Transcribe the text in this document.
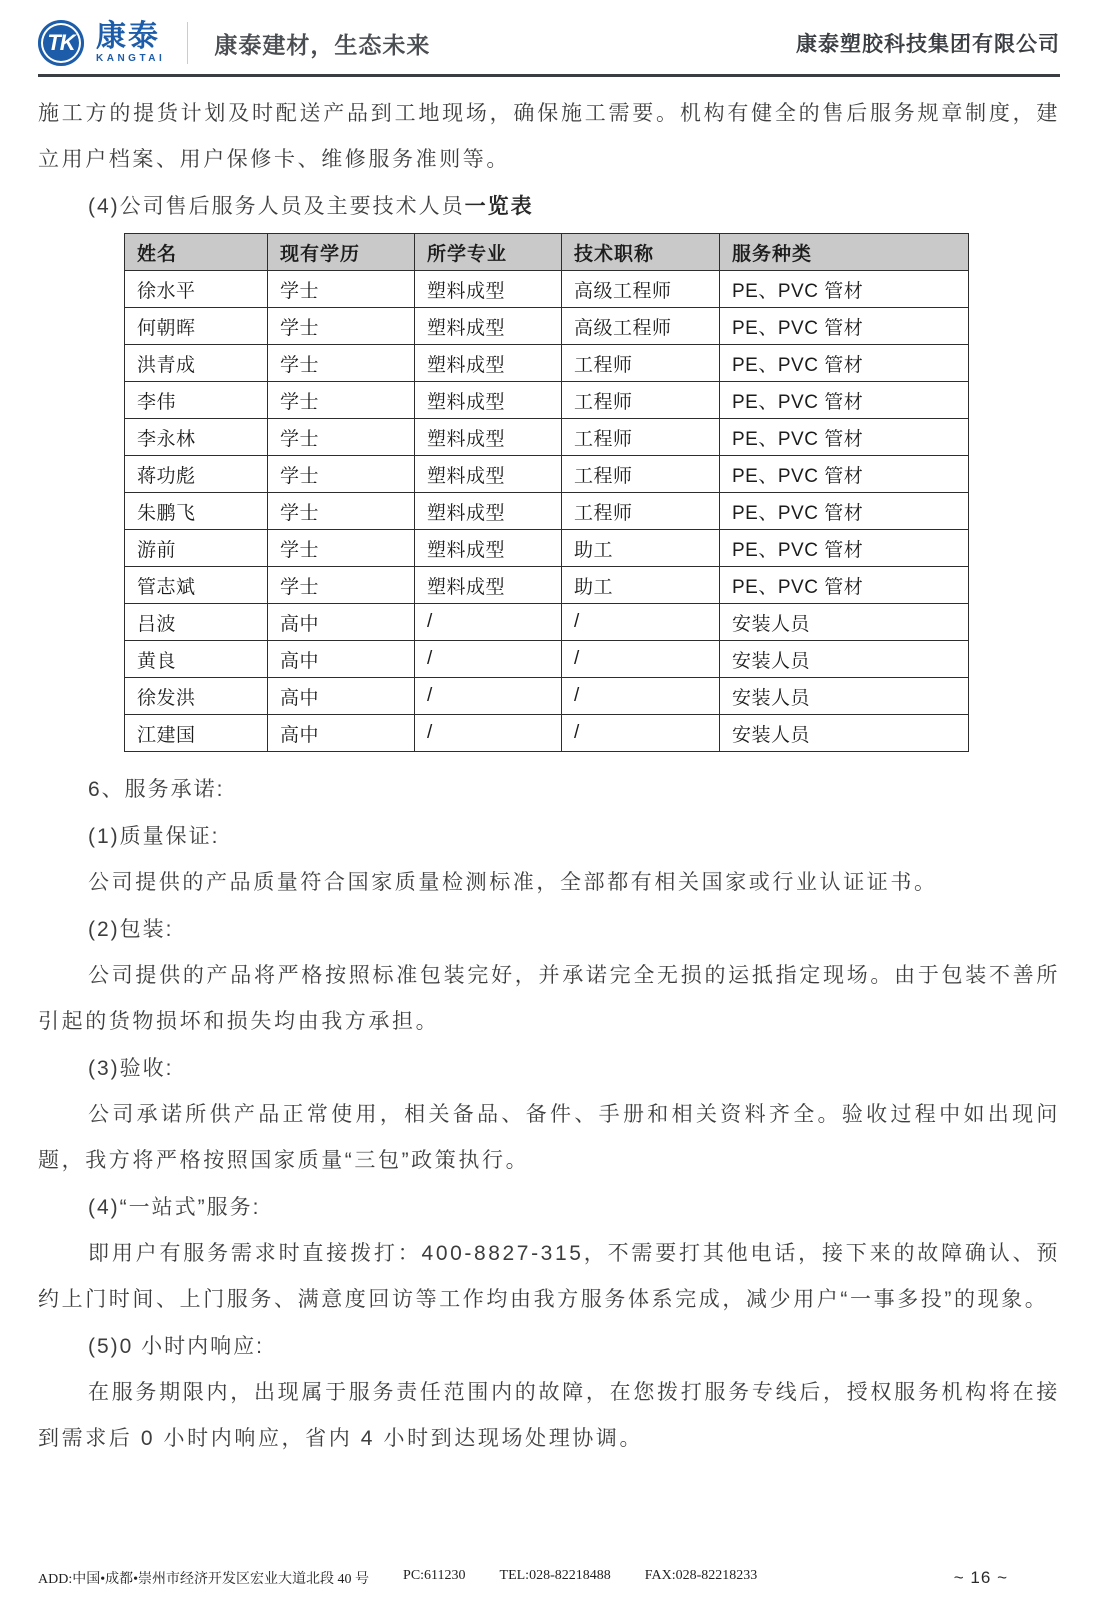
TK 康泰
KANGTAI
康泰建材，生态未来	康泰塑胶科技集团有限公司

施工方的提货计划及时配送产品到工地现场，确保施工需要。机构有健全的售后服务规章制度，建立用户档案、用户保修卡、维修服务准则等。

(4)公司售后服务人员及主要技术人员一览表

姓名	现有学历	所学专业	技术职称	服务种类
徐水平	学士	塑料成型	高级工程师	PE、PVC 管材
何朝晖	学士	塑料成型	高级工程师	PE、PVC 管材
洪青成	学士	塑料成型	工程师	PE、PVC 管材
李伟	学士	塑料成型	工程师	PE、PVC 管材
李永林	学士	塑料成型	工程师	PE、PVC 管材
蒋功彪	学士	塑料成型	工程师	PE、PVC 管材
朱鹏飞	学士	塑料成型	工程师	PE、PVC 管材
游前	学士	塑料成型	助工	PE、PVC 管材
管志斌	学士	塑料成型	助工	PE、PVC 管材
吕波	高中	/	/	安装人员
黄良	高中	/	/	安装人员
徐发洪	高中	/	/	安装人员
江建国	高中	/	/	安装人员

6、服务承诺:

(1)质量保证:

公司提供的产品质量符合国家质量检测标准，全部都有相关国家或行业认证证书。

(2)包装:

公司提供的产品将严格按照标准包装完好，并承诺完全无损的运抵指定现场。由于包装不善所引起的货物损坏和损失均由我方承担。

(3)验收:

公司承诺所供产品正常使用，相关备品、备件、手册和相关资料齐全。验收过程中如出现问题，我方将严格按照国家质量“三包”政策执行。

(4)“一站式”服务:

即用户有服务需求时直接拨打：400-8827-315，不需要打其他电话，接下来的故障确认、预约上门时间、上门服务、满意度回访等工作均由我方服务体系完成，减少用户“一事多投”的现象。

(5)0 小时内响应:

在服务期限内，出现属于服务责任范围内的故障，在您拨打服务专线后，授权服务机构将在接到需求后 0 小时内响应，省内 4 小时到达现场处理协调。

ADD:中国•成都•崇州市经济开发区宏业大道北段 40 号 PC:611230 TEL:028-82218488 FAX:028-82218233	~ 16 ~
